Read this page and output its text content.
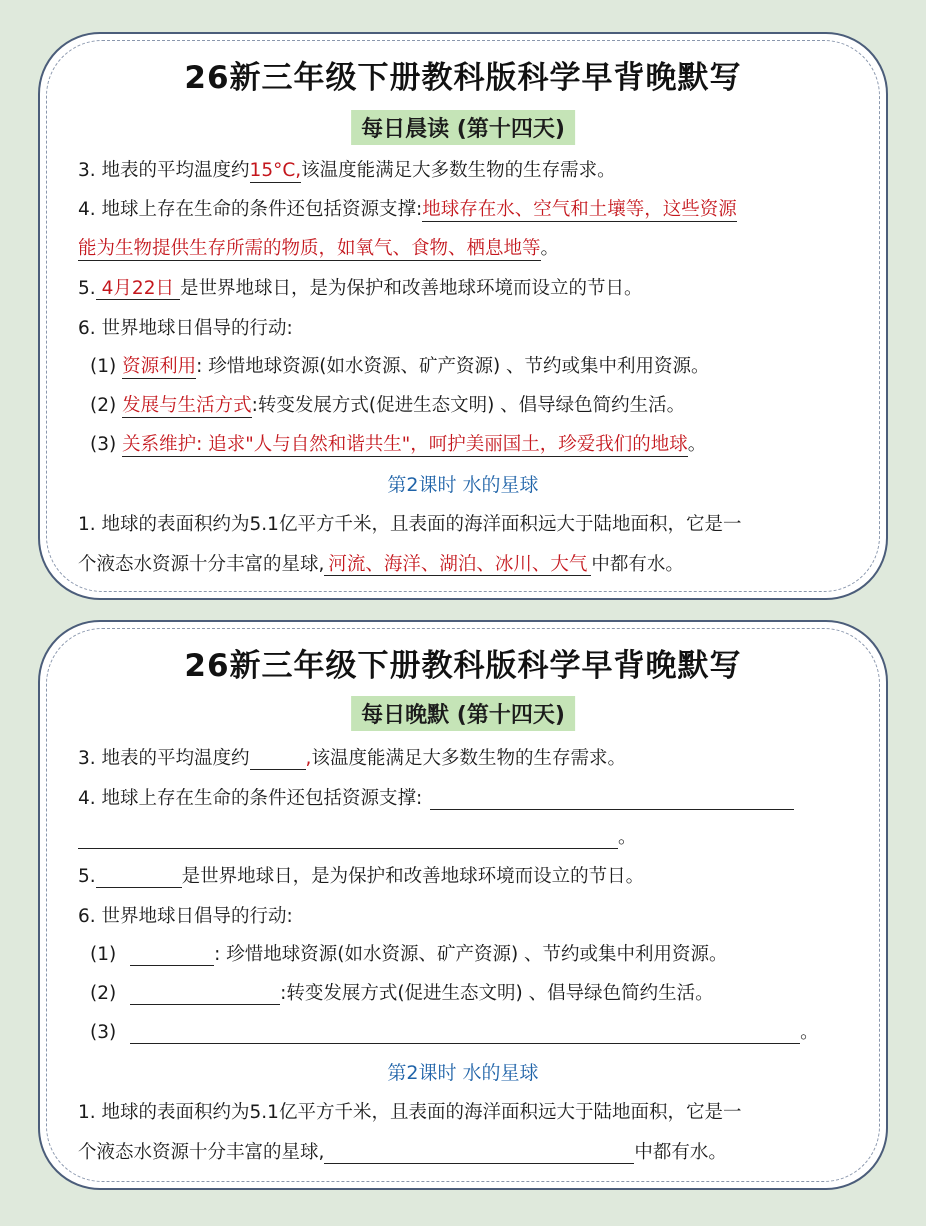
26新三年级下册教科版科学早背晚默写
每日晨读 (第十四天)
3. 地表的平均温度约15°C,该温度能满足大多数生物的生存需求。
4. 地球上存在生命的条件还包括资源支撑:地球存在水、空气和土壤等，这些资源
能为生物提供生存所需的物质，如氧气、食物、栖息地等。
5. 4月22日 是世界地球日，是为保护和改善地球环境而设立的节日。
6. 世界地球日倡导的行动:
(1) 资源利用: 珍惜地球资源(如水资源、矿产资源) 、节约或集中利用资源。
(2) 发展与生活方式:转变发展方式(促进生态文明) 、倡导绿色简约生活。
(3) 关系维护: 追求"人与自然和谐共生"，呵护美丽国土，珍爱我们的地球。
第2课时 水的星球
1. 地球的表面积约为5.1亿平方千米，且表面的海洋面积远大于陆地面积，它是一
个液态水资源十分丰富的星球, 河流、海洋、湖泊、冰川、大气 中都有水。
26新三年级下册教科版科学早背晚默写
每日晚默 (第十四天)
3. 地表的平均温度约	,该温度能满足大多数生物的生存需求。
4. 地球上存在生命的条件还包括资源支撑:
。
5.	是世界地球日，是为保护和改善地球环境而设立的节日。
6. 世界地球日倡导的行动:
(1)	: 珍惜地球资源(如水资源、矿产资源) 、节约或集中利用资源。
(2)	:转变发展方式(促进生态文明) 、倡导绿色简约生活。
(3)	。
第2课时 水的星球
1. 地球的表面积约为5.1亿平方千米，且表面的海洋面积远大于陆地面积，它是一
个液态水资源十分丰富的星球,	中都有水。
